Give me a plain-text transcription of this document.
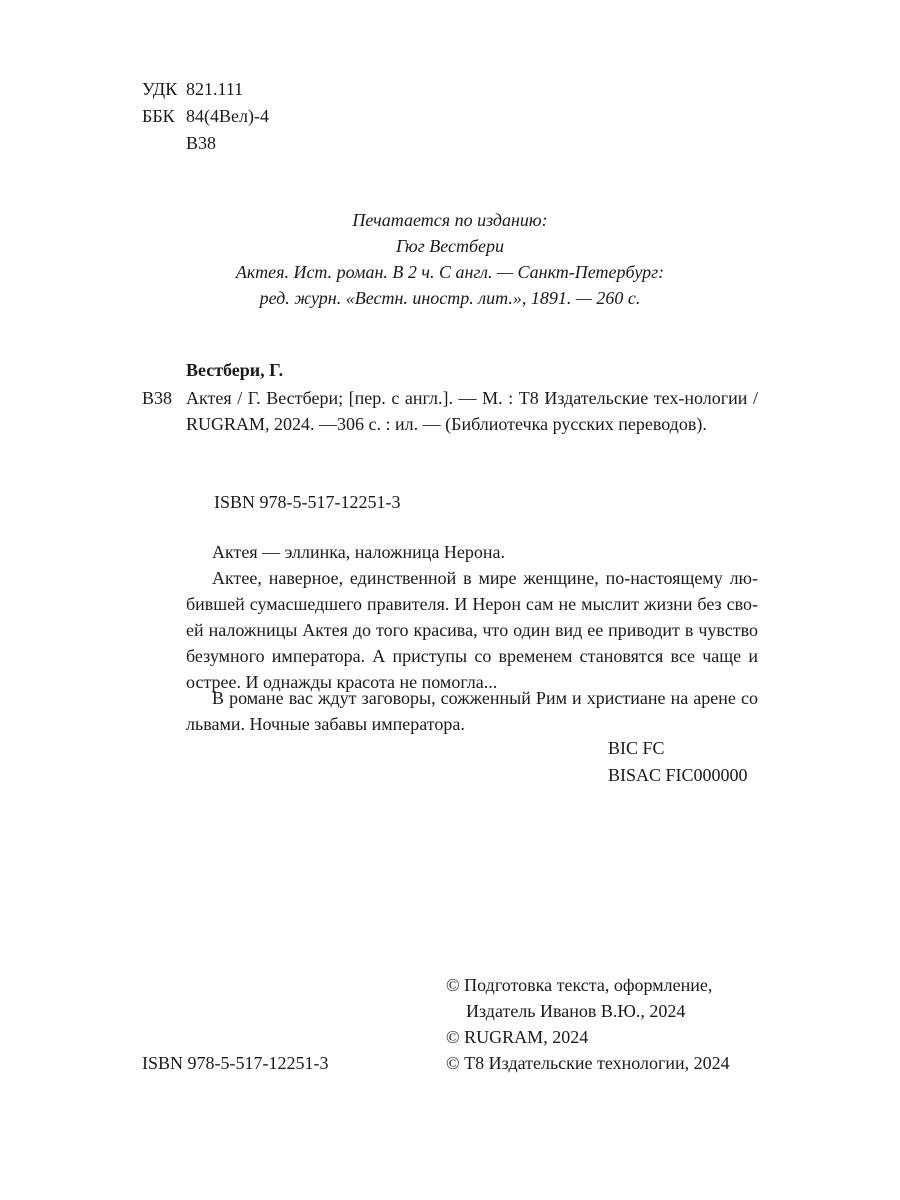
УДК 821.111
ББК 84(4Вел)-4
В38
Печатается по изданию:
Гюг Вестбери
Актея. Ист. роман. В 2 ч. С англ. — Санкт-Петербург:
ред. журн. «Вестн. иностр. лит.», 1891. — 260 с.
Вестбери, Г.
В38 Актея / Г. Вестбери; [пер. с англ.]. — М. : Т8 Издательские тех-нологии / RUGRAM, 2024. —306 с. : ил. — (Библиотечка русских переводов).
ISBN 978-5-517-12251-3
Актея — эллинка, наложница Нерона.
Актее, наверное, единственной в мире женщине, по-настоящему лю-бившей сумасшедшего правителя. И Нерон сам не мыслит жизни без сво-ей наложницы Актея до того красива, что один вид ее приводит в чувство безумного императора. А приступы со временем становятся все чаще и острее. И однажды красота не помогла...
В романе вас ждут заговоры, сожженный Рим и христиане на арене со львами. Ночные забавы императора.
BIC FC
BISAC FIC000000
ISBN 978-5-517-12251-3
© Подготовка текста, оформление,
Издатель Иванов В.Ю., 2024
© RUGRAM, 2024
© Т8 Издательские технологии, 2024
